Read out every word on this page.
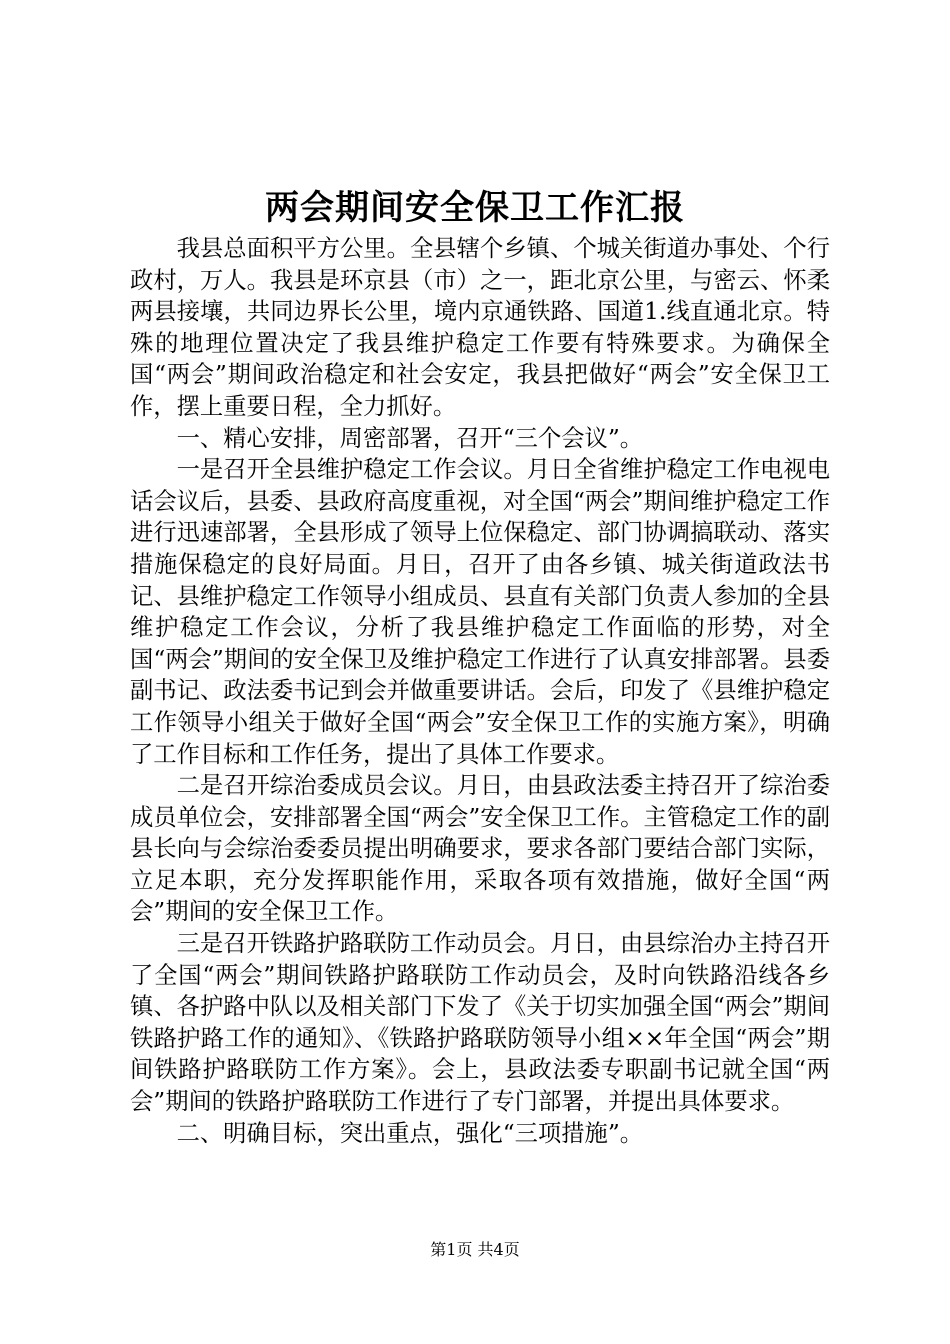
两会期间安全保卫工作汇报

我县总面积平方公里。全县辖个乡镇、个城关街道办事处、个行政村，万人。我县是环京县（市）之一，距北京公里，与密云、怀柔两县接壤，共同边界长公里，境内京通铁路、国道1.线直通北京。特殊的地理位置决定了我县维护稳定工作要有特殊要求。为确保全国“两会”期间政治稳定和社会安定，我县把做好“两会”安全保卫工作，摆上重要日程，全力抓好。

一、精心安排，周密部署，召开“三个会议”。

一是召开全县维护稳定工作会议。月日全省维护稳定工作电视电话会议后，县委、县政府高度重视，对全国“两会”期间维护稳定工作进行迅速部署，全县形成了领导上位保稳定、部门协调搞联动、落实措施保稳定的良好局面。月日，召开了由各乡镇、城关街道政法书记、县维护稳定工作领导小组成员、县直有关部门负责人参加的全县维护稳定工作会议，分析了我县维护稳定工作面临的形势，对全国“两会”期间的安全保卫及维护稳定工作进行了认真安排部署。县委副书记、政法委书记到会并做重要讲话。会后，印发了《县维护稳定工作领导小组关于做好全国“两会”安全保卫工作的实施方案》，明确了工作目标和工作任务，提出了具体工作要求。

二是召开综治委成员会议。月日，由县政法委主持召开了综治委成员单位会，安排部署全国“两会”安全保卫工作。主管稳定工作的副县长向与会综治委委员提出明确要求，要求各部门要结合部门实际，立足本职，充分发挥职能作用，采取各项有效措施，做好全国“两会”期间的安全保卫工作。

三是召开铁路护路联防工作动员会。月日，由县综治办主持召开了全国“两会”期间铁路护路联防工作动员会，及时向铁路沿线各乡镇、各护路中队以及相关部门下发了《关于切实加强全国“两会”期间铁路护路工作的通知》、《铁路护路联防领导小组××年全国“两会”期间铁路护路联防工作方案》。会上，县政法委专职副书记就全国“两会”期间的铁路护路联防工作进行了专门部署，并提出具体要求。

二、明确目标，突出重点，强化“三项措施”。

第1页 共4页
